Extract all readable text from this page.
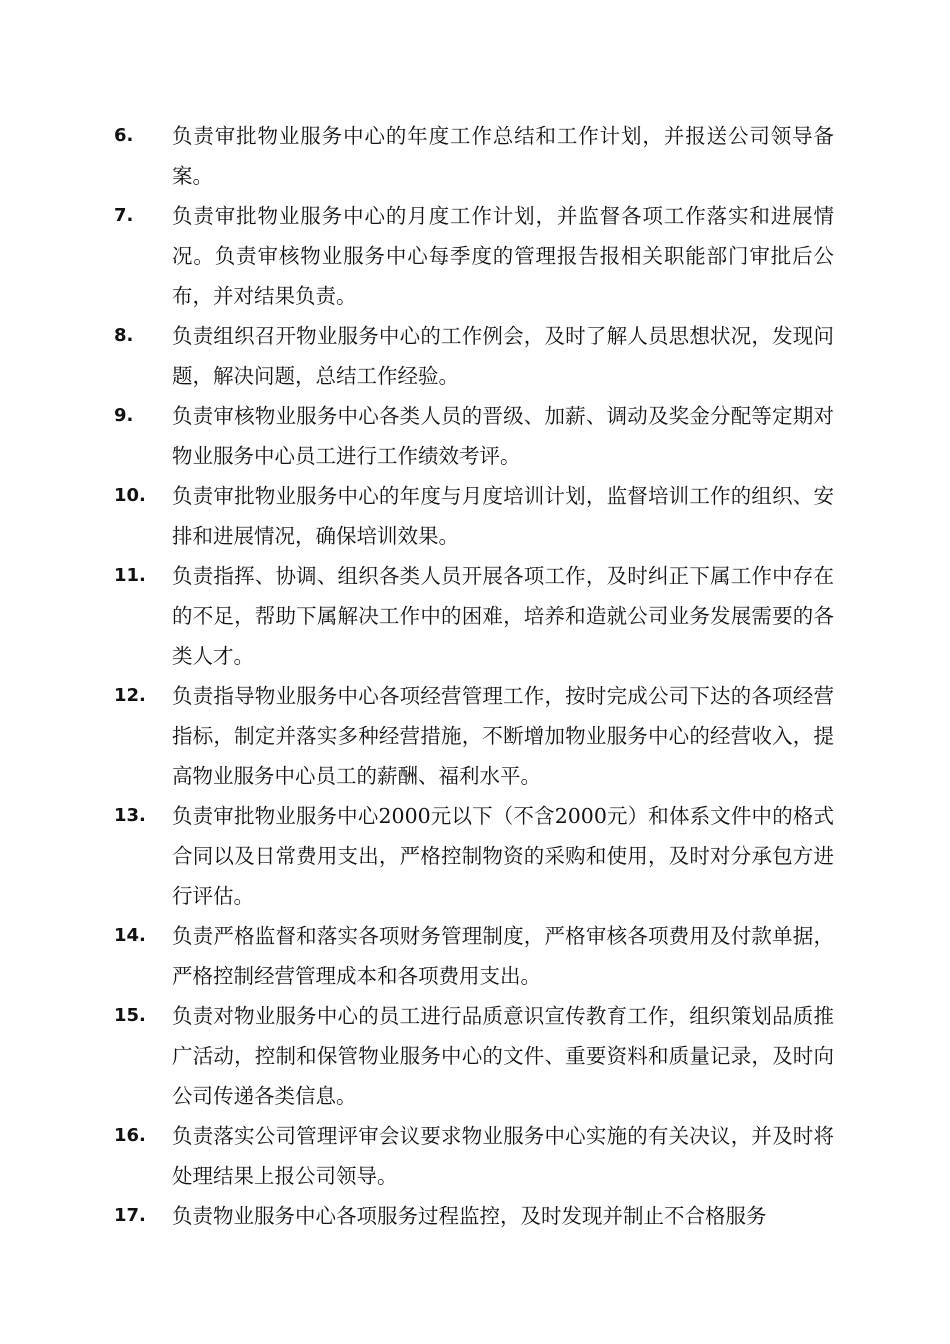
6.	负责审批物业服务中心的年度工作总结和工作计划，并报送公司领导备案。
7.	负责审批物业服务中心的月度工作计划，并监督各项工作落实和进展情况。负责审核物业服务中心每季度的管理报告报相关职能部门审批后公布，并对结果负责。
8.	负责组织召开物业服务中心的工作例会，及时了解人员思想状况，发现问题，解决问题，总结工作经验。
9.	负责审核物业服务中心各类人员的晋级、加薪、调动及奖金分配等定期对物业服务中心员工进行工作绩效考评。
10.	负责审批物业服务中心的年度与月度培训计划，监督培训工作的组织、安排和进展情况，确保培训效果。
11.	负责指挥、协调、组织各类人员开展各项工作，及时纠正下属工作中存在的不足，帮助下属解决工作中的困难，培养和造就公司业务发展需要的各类人才。
12.	负责指导物业服务中心各项经营管理工作，按时完成公司下达的各项经营指标，制定并落实多种经营措施，不断增加物业服务中心的经营收入，提高物业服务中心员工的薪酬、福利水平。
13.	负责审批物业服务中心2000元以下（不含2000元）和体系文件中的格式合同以及日常费用支出，严格控制物资的采购和使用，及时对分承包方进行评估。
14.	负责严格监督和落实各项财务管理制度，严格审核各项费用及付款单据，严格控制经营管理成本和各项费用支出。
15.	负责对物业服务中心的员工进行品质意识宣传教育工作，组织策划品质推广活动，控制和保管物业服务中心的文件、重要资料和质量记录，及时向公司传递各类信息。
16.	负责落实公司管理评审会议要求物业服务中心实施的有关决议，并及时将处理结果上报公司领导。
17.	负责物业服务中心各项服务过程监控，及时发现并制止不合格服务
